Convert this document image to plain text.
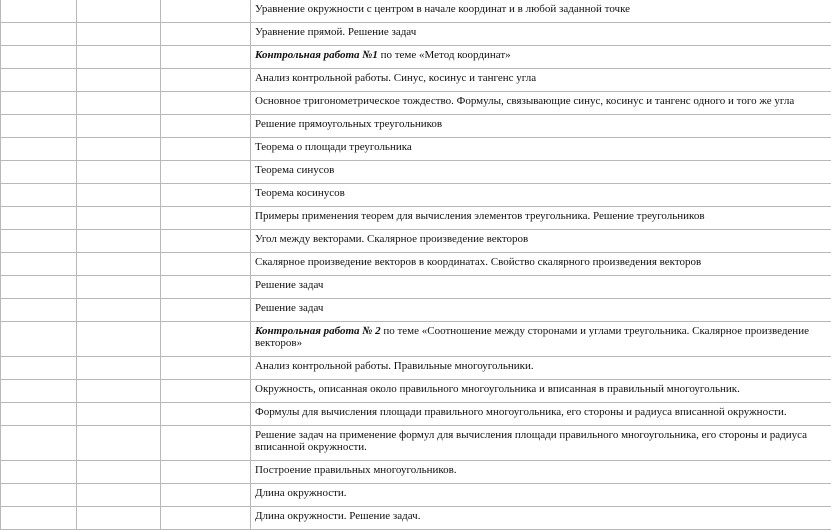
			Уравнение окружности с центром в начале координат и в любой заданной точке
			Уравнение прямой. Решение задач
			Контрольная работа №1 по теме «Метод координат»
			Анализ контрольной работы. Синус, косинус и тангенс угла
			Основное тригонометрическое тождество. Формулы, связывающие синус, косинус и тангенс одного и того же угла
			Решение прямоугольных треугольников
			Теорема о площади треугольника
			Теорема синусов
			Теорема косинусов
			Примеры применения теорем для вычисления элементов треугольника. Решение треугольников
			Угол между векторами. Скалярное произведение векторов
			Скалярное произведение векторов в координатах. Свойство скалярного произведения векторов
			Решение задач
			Решение задач
			Контрольная работа № 2 по теме «Соотношение между сторонами и углами треугольника. Скалярное произведение векторов»
			Анализ контрольной работы. Правильные многоугольники.
			Окружность, описанная около правильного многоугольника и вписанная в правильный многоугольник.
			Формулы для вычисления площади правильного многоугольника, его стороны и радиуса вписанной окружности.
			Решение задач на применение формул для вычисления площади правильного многоугольника, его стороны и радиуса вписанной окружности.
			Построение правильных многоугольников.
			Длина окружности.
			Длина окружности. Решение задач.
